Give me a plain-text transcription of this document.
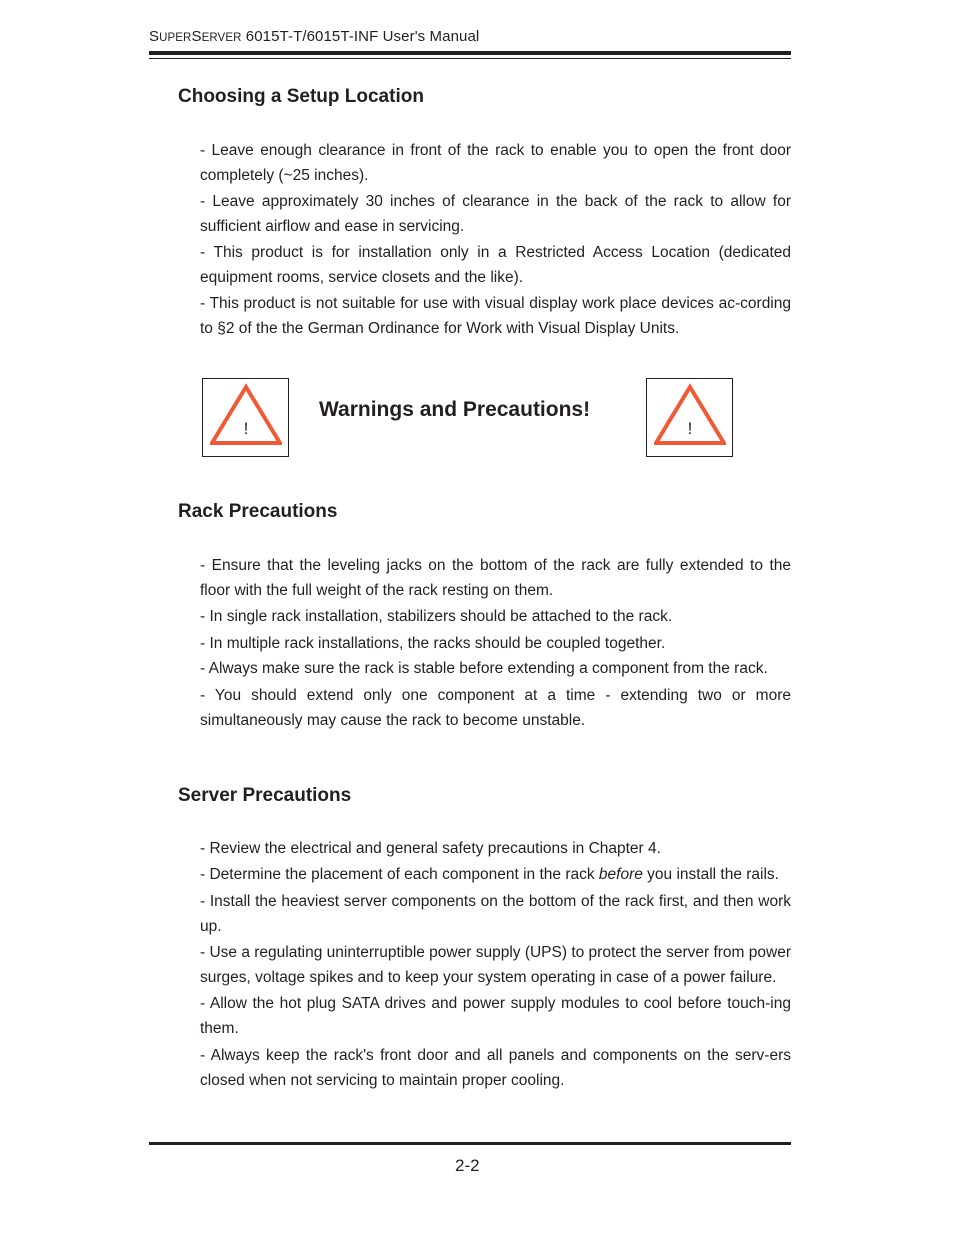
SUPERSERVER 6015T-T/6015T-INF User's Manual
Choosing a Setup Location

- Leave enough clearance in front of the rack to enable you to open the front door completely (~25 inches).

- Leave approximately 30 inches of clearance in the back of the rack to allow for sufficient airflow and ease in servicing.

- This product is for installation only in a Restricted Access Location (dedicated equipment rooms, service closets and the like).

- This product is not suitable for use with visual display work place devices ac-cording to §2 of the the German Ordinance for Work with Visual Display Units.

!
Warnings and Precautions!
!
Rack Precautions

- Ensure that the leveling jacks on the bottom of the rack are fully extended to the floor with the full weight of the rack resting on them.

- In single rack installation, stabilizers should be attached to the rack.

- In multiple rack installations, the racks should be coupled together.

- Always make sure the rack is stable before extending a component from the rack.

- You should extend only one component at a time - extending two or more simultaneously may cause the rack to become unstable.

Server Precautions

- Review the electrical and general safety precautions in Chapter 4.

- Determine the placement of each component in the rack before you install the rails.

- Install the heaviest server components on the bottom of the rack first, and then work up.

- Use a regulating uninterruptible power supply (UPS) to protect the server from power surges, voltage spikes and to keep your system operating in case of a power failure.

- Allow the hot plug SATA drives and power supply modules to cool before touch-ing them.

- Always keep the rack's front door and all panels and components on the serv-ers closed when not servicing to maintain proper cooling.

2-2
